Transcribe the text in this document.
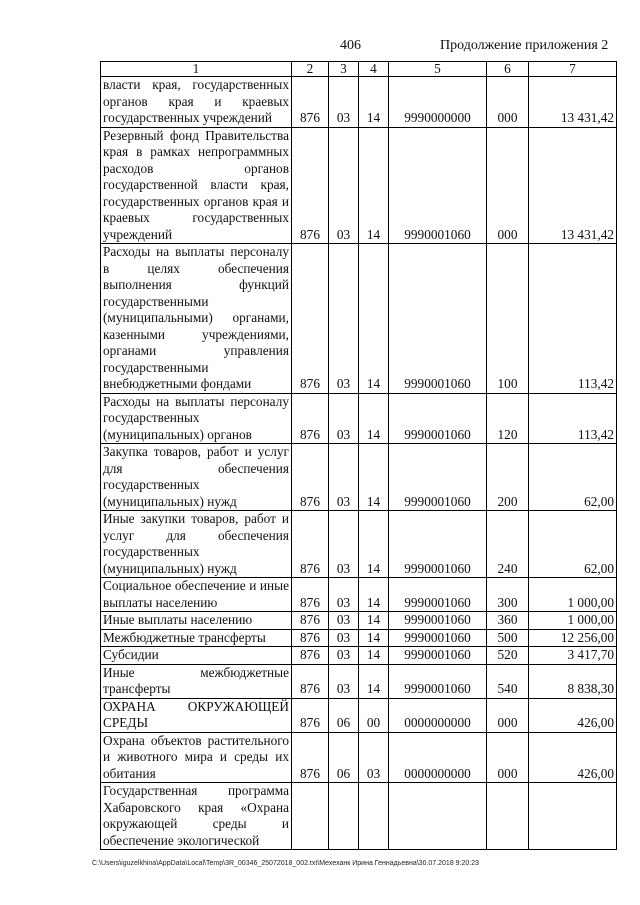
406	Продолжение приложения 2
1	2	3	4	5	6	7
власти края, государственных органов края и краевых государственных учреждений	876	03	14	9990000000	000	13 431,42
Резервный фонд Правительства края в рамках непрограммных расходов органов государственной власти края, государственных органов края и краевых государственных учреждений	876	03	14	9990001060	000	13 431,42
Расходы на выплаты персоналу в целях обеспечения выполнения функций государственными (муниципальными) органами, казенными учреждениями, органами управления государственными внебюджетными фондами	876	03	14	9990001060	100	113,42
Расходы на выплаты персоналу государственных (муниципальных) органов	876	03	14	9990001060	120	113,42
Закупка товаров, работ и услуг для обеспечения государственных (муниципальных) нужд	876	03	14	9990001060	200	62,00
Иные закупки товаров, работ и услуг для обеспечения государственных (муниципальных) нужд	876	03	14	9990001060	240	62,00
Социальное обеспечение и иные выплаты населению	876	03	14	9990001060	300	1 000,00
Иные выплаты населению	876	03	14	9990001060	360	1 000,00
Межбюджетные трансферты	876	03	14	9990001060	500	12 256,00
Субсидии	876	03	14	9990001060	520	3 417,70
Иные межбюджетные трансферты	876	03	14	9990001060	540	8 838,30
ОХРАНА ОКРУЖАЮЩЕЙ СРЕДЫ	876	06	00	0000000000	000	426,00
Охрана объектов растительного и животного мира и среды их обитания	876	06	03	0000000000	000	426,00
Государственная программа Хабаровского края «Охрана окружающей среды и обеспечение экологической						
C:\Users\iguzelkhina\AppData\Local\Temp\3R_00346_25072018_002.txt\Мехеханк Ирина Геннадьевна\30.07.2018 9:20:23
